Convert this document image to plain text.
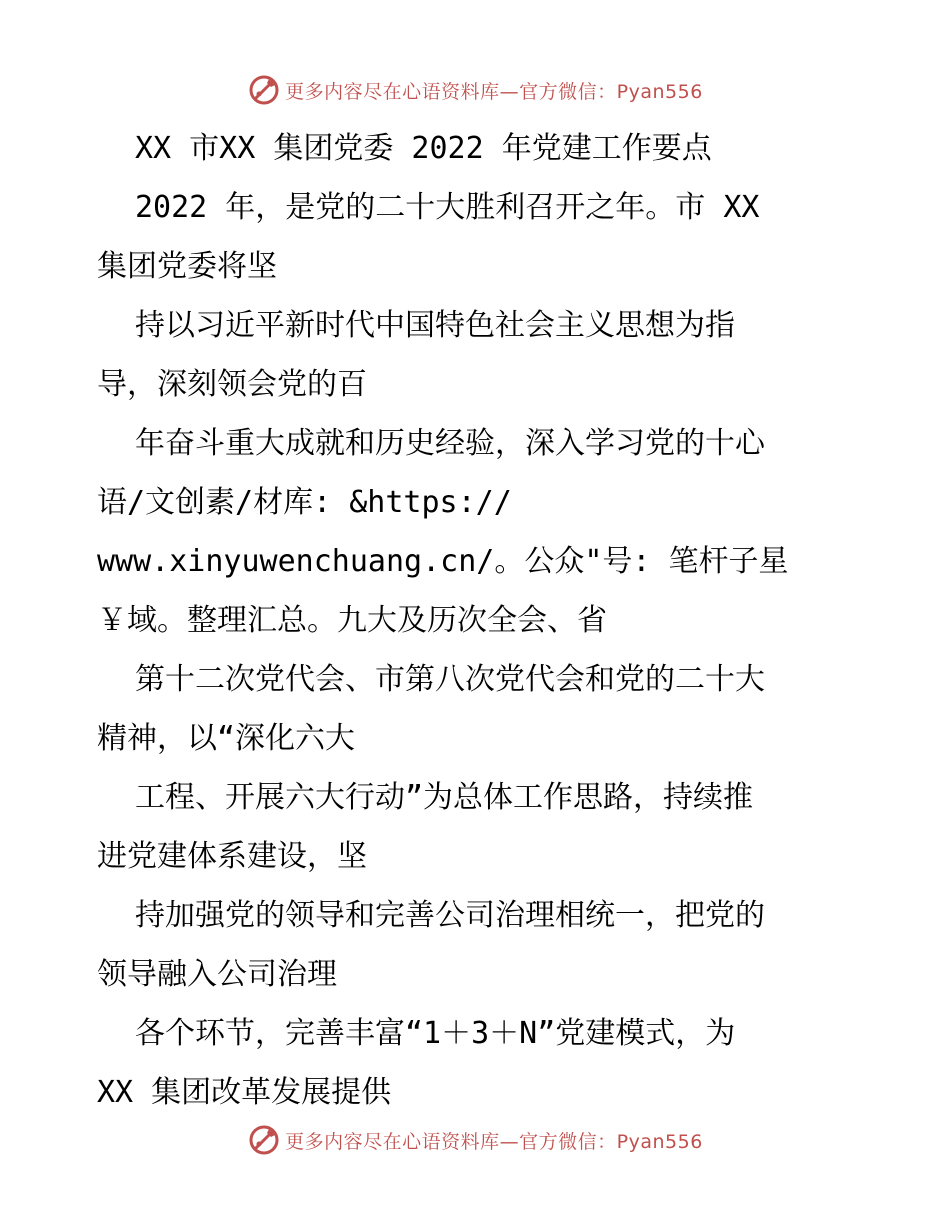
更多内容尽在心语资料库—官方微信：Pyan556
XX 市XX 集团党委 2022 年党建工作要点
2022 年，是党的二十大胜利召开之年。市 XX
集团党委将坚
持以习近平新时代中国特色社会主义思想为指
导，深刻领会党的百
年奋斗重大成就和历史经验，深入学习党的十心
语/文创素/材库: &https://
www.xinyuwenchuang.cn/。公众"号: 笔杆子星
￥域。整理汇总。九大及历次全会、省
第十二次党代会、市第八次党代会和党的二十大
精神，以“深化六大
工程、开展六大行动”为总体工作思路，持续推
进党建体系建设，坚
持加强党的领导和完善公司治理相统一，把党的
领导融入公司治理
各个环节，完善丰富“1＋3＋N”党建模式，为
XX 集团改革发展提供
更多内容尽在心语资料库—官方微信：Pyan556
